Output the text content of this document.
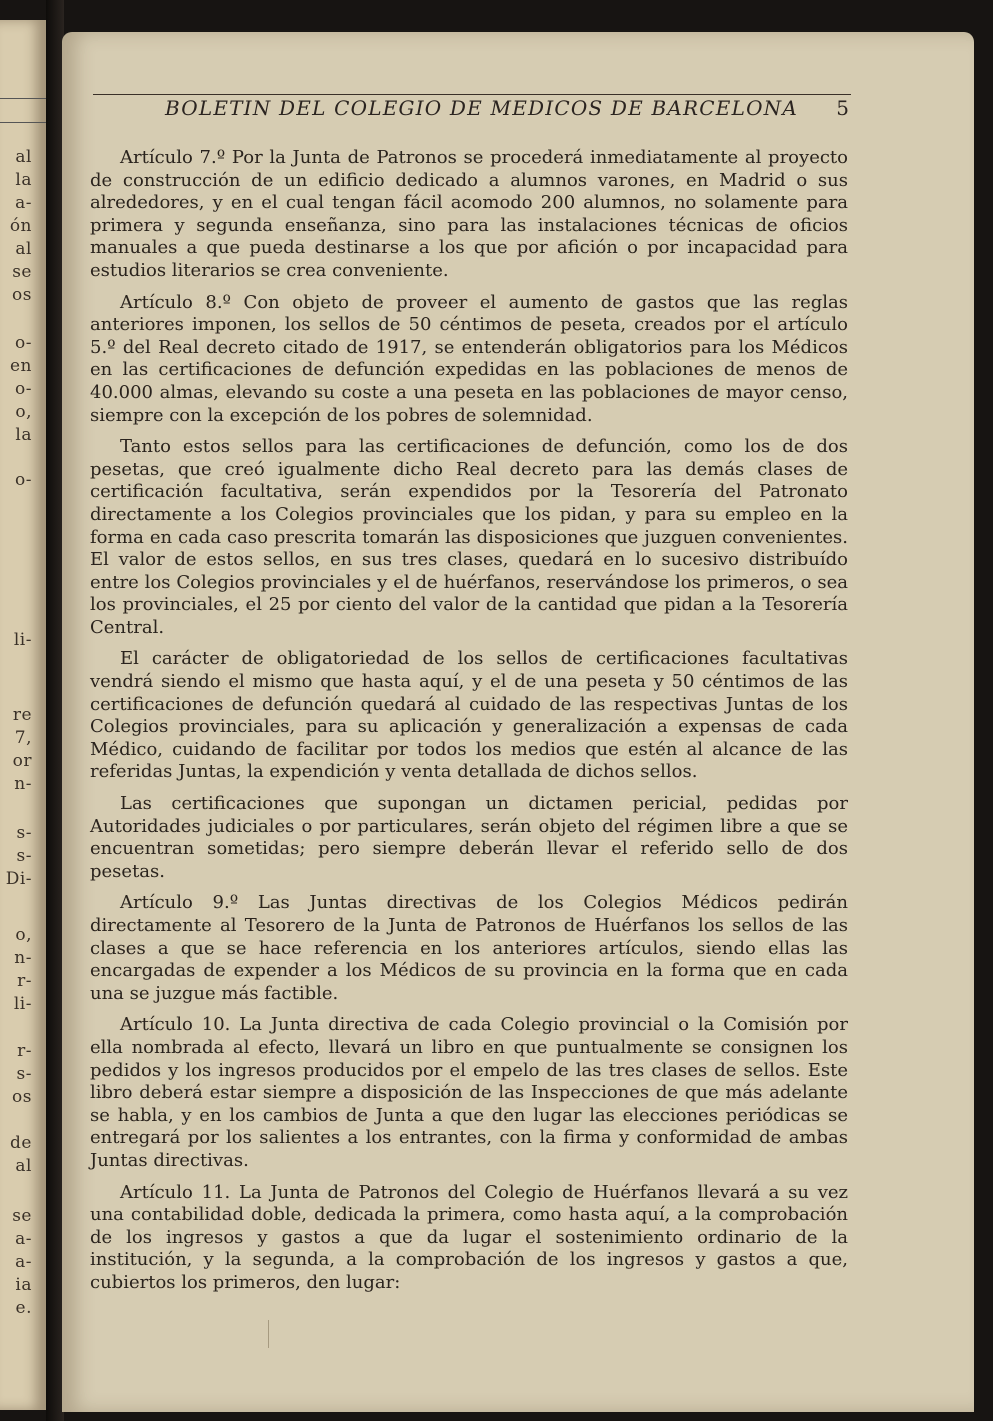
al
la
a-
ón
al
se
os
o-
en
o-
o,
la
o-
li-
re
7,
or
n-
s-
s-
Di-
o,
n-
r-
li-
r-
s-
os
de
al
se
a-
a-
ia
e.
BOLETIN DEL COLEGIO DE MEDICOS DE BARCELONA 5

Artículo 7.º Por la Junta de Patronos se procederá inmediatamente al proyecto de construcción de un edificio dedicado a alumnos varones, en Madrid o sus alrededores, y en el cual tengan fácil acomodo 200 alumnos, no solamente para primera y segunda enseñanza, sino para las instalaciones técnicas de oficios manuales a que pueda destinarse a los que por afición o por incapacidad para estudios literarios se crea conveniente.

Artículo 8.º Con objeto de proveer el aumento de gastos que las reglas anteriores imponen, los sellos de 50 céntimos de peseta, creados por el artículo 5.º del Real decreto citado de 1917, se entenderán obligatorios para los Médicos en las certificaciones de defunción expedidas en las poblaciones de menos de 40.000 almas, elevando su coste a una peseta en las poblaciones de mayor censo, siempre con la excepción de los pobres de solemnidad.

Tanto estos sellos para las certificaciones de defunción, como los de dos pesetas, que creó igualmente dicho Real decreto para las demás clases de certificación facultativa, serán expendidos por la Tesorería del Patronato directamente a los Colegios provinciales que los pidan, y para su empleo en la forma en cada caso prescrita tomarán las disposiciones que juzguen convenientes. El valor de estos sellos, en sus tres clases, quedará en lo sucesivo distribuído entre los Colegios provinciales y el de huérfanos, reservándose los primeros, o sea los provinciales, el 25 por ciento del valor de la cantidad que pidan a la Tesorería Central.

El carácter de obligatoriedad de los sellos de certificaciones facultativas vendrá siendo el mismo que hasta aquí, y el de una peseta y 50 céntimos de las certificaciones de defunción quedará al cuidado de las respectivas Juntas de los Colegios provinciales, para su aplicación y generalización a expensas de cada Médico, cuidando de facilitar por todos los medios que estén al alcance de las referidas Juntas, la expendición y venta detallada de dichos sellos.

Las certificaciones que supongan un dictamen pericial, pedidas por Autoridades judiciales o por particulares, serán objeto del régimen libre a que se encuentran sometidas; pero siempre deberán llevar el referido sello de dos pesetas.

Artículo 9.º Las Juntas directivas de los Colegios Médicos pedirán directamente al Tesorero de la Junta de Patronos de Huérfanos los sellos de las clases a que se hace referencia en los anteriores artículos, siendo ellas las encargadas de expender a los Médicos de su provincia en la forma que en cada una se juzgue más factible.

Artículo 10. La Junta directiva de cada Colegio provincial o la Comisión por ella nombrada al efecto, llevará un libro en que puntualmente se consignen los pedidos y los ingresos producidos por el empelo de las tres clases de sellos. Este libro deberá estar siempre a disposición de las Inspecciones de que más adelante se habla, y en los cambios de Junta a que den lugar las elecciones periódicas se entregará por los salientes a los entrantes, con la firma y conformidad de ambas Juntas directivas.

Artículo 11. La Junta de Patronos del Colegio de Huérfanos llevará a su vez una contabilidad doble, dedicada la primera, como hasta aquí, a la comprobación de los ingresos y gastos a que da lugar el sostenimiento ordinario de la institución, y la segunda, a la comprobación de los ingresos y gastos a que, cubiertos los primeros, den lugar:
